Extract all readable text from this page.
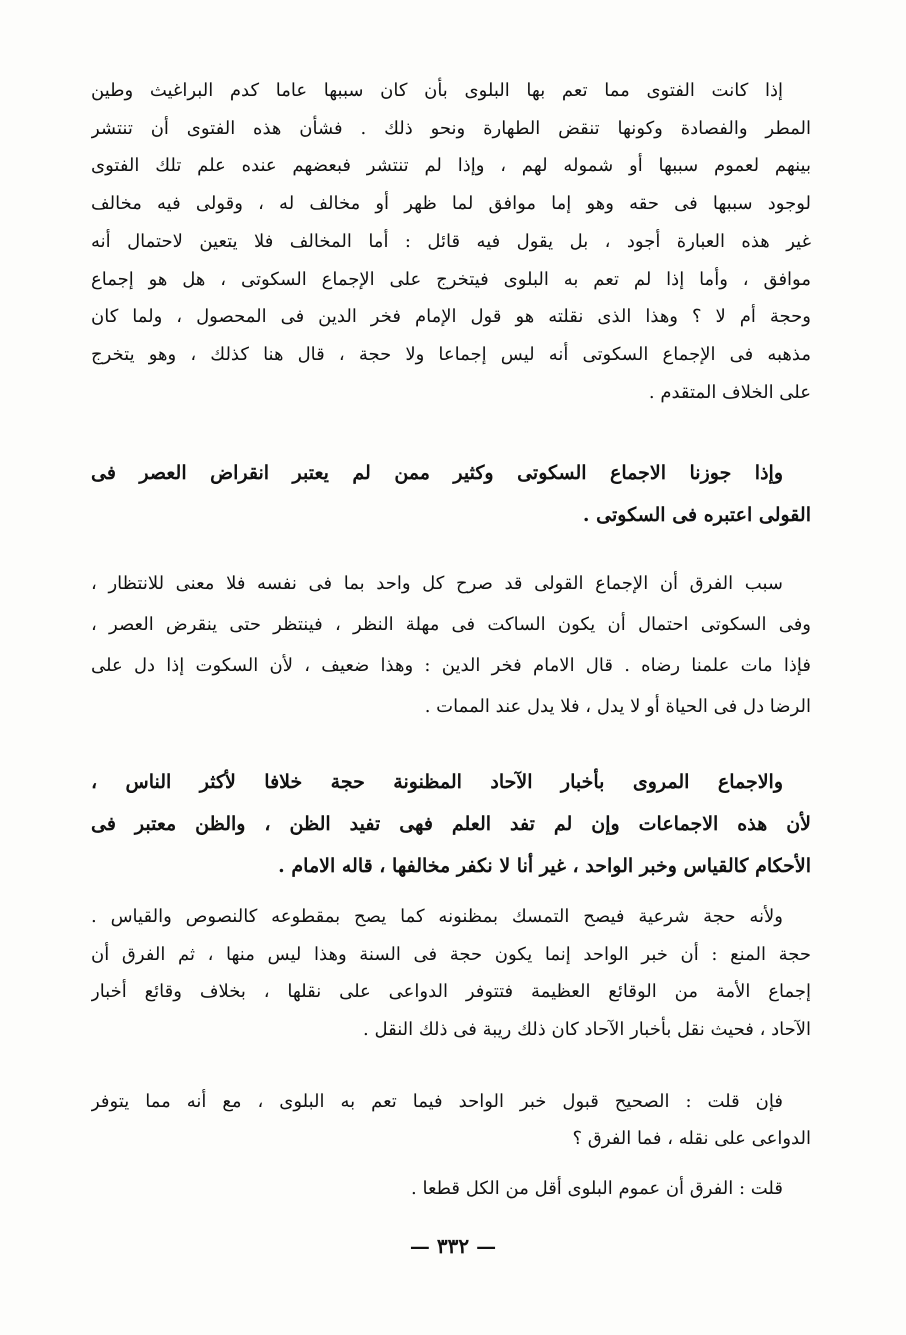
إذا كانت الفتوى مما تعم بها البلوى بأن كان سببها عاما كدم البراغيث وطين
المطر والفصادة وكونها تنقض الطهارة ونحو ذلك . فشأن هذه الفتوى أن تنتشر
بينهم لعموم سببها أو شموله لهم ، وإذا لم تنتشر فبعضهم عنده علم تلك الفتوى
لوجود سببها فى حقه وهو إما موافق لما ظهر أو مخالف له ، وقولى فيه مخالف
غير هذه العبارة أجود ، بل يقول فيه قائل : أما المخالف فلا يتعين لاحتمال أنه
موافق ، وأما إذا لم تعم به البلوى فيتخرج على الإجماع السكوتى ، هل هو إجماع
وحجة أم لا ؟ وهذا الذى نقلته هو قول الإمام فخر الدين فى المحصول ، ولما كان
مذهبه فى الإجماع السكوتى أنه ليس إجماعا ولا حجة ، قال هنا كذلك ، وهو يتخرج
على الخلاف المتقدم .
وإذا جوزنا الاجماع السكوتى وكثير ممن لم يعتبر انقراض العصر فى
القولى اعتبره فى السكوتى .
سبب الفرق أن الإجماع القولى قد صرح كل واحد بما فى نفسه فلا معنى للانتظار ،
وفى السكوتى احتمال أن يكون الساكت فى مهلة النظر ، فينتظر حتى ينقرض العصر ،
فإذا مات علمنا رضاه . قال الامام فخر الدين : وهذا ضعيف ، لأن السكوت إذا دل على
الرضا دل فى الحياة أو لا يدل ، فلا يدل عند الممات .
والاجماع المروى بأخبار الآحاد المظنونة حجة خلافا لأكثر الناس ،
لأن هذه الاجماعات وإن لم تفد العلم فهى تفيد الظن ، والظن معتبر فى
الأحكام كالقياس وخبر الواحد ، غير أنا لا نكفر مخالفها ، قاله الامام .
ولأنه حجة شرعية فيصح التمسك بمظنونه كما يصح بمقطوعه كالنصوص والقياس .
حجة المنع : أن خبر الواحد إنما يكون حجة فى السنة وهذا ليس منها ، ثم الفرق أن
إجماع الأمة من الوقائع العظيمة فتتوفر الدواعى على نقلها ، بخلاف وقائع أخبار
الآحاد ، فحيث نقل بأخبار الآحاد كان ذلك ريبة فى ذلك النقل .
فإن قلت : الصحيح قبول خبر الواحد فيما تعم به البلوى ، مع أنه مما يتوفر
الدواعى على نقله ، فما الفرق ؟
قلت : الفرق أن عموم البلوى أقل من الكل قطعا .
— ٣٣٢ —
